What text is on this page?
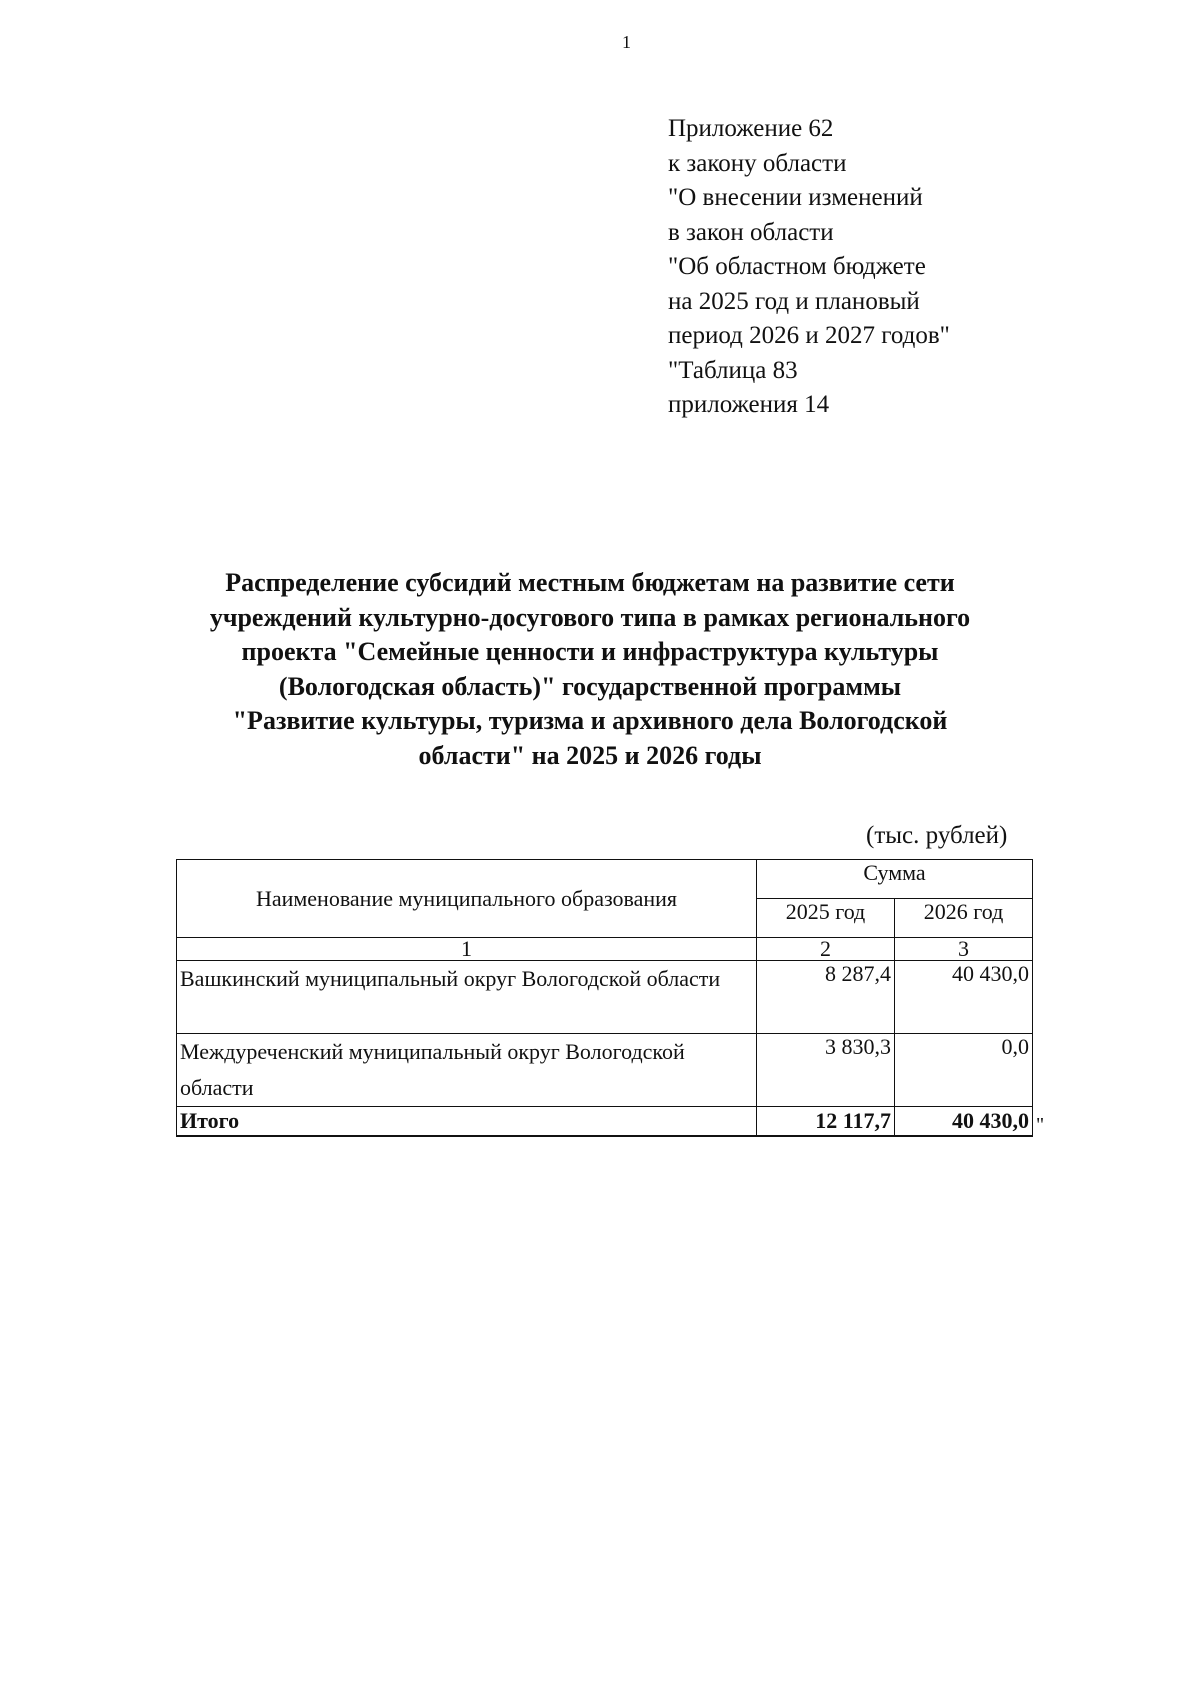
1
Приложение 62
к закону области
"О внесении изменений
в закон области
"Об областном бюджете
на 2025 год и плановый
период 2026 и 2027 годов"
"Таблица 83
приложения 14
Распределение субсидий местным бюджетам на развитие сети
учреждений культурно-досугового типа в рамках регионального
проекта "Семейные ценности и инфраструктура культуры
(Вологодская область)" государственной программы
"Развитие культуры, туризма и архивного дела Вологодской
области" на 2025 и 2026 годы
(тыс. рублей)
Наименование муниципального образования	Сумма	
	2025 год	2026 год
1	2	3
Вашкинский муниципальный округ Вологодской области	8 287,4	40 430,0
Междуреченский муниципальный округ Вологодской области	3 830,3	0,0
Итого	12 117,7	40 430,0 "
